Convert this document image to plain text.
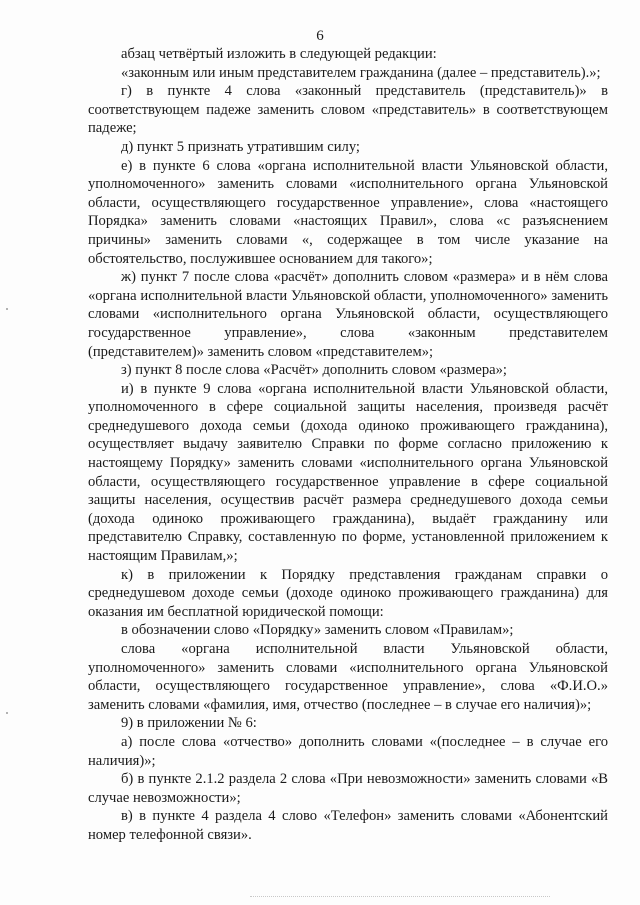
6

абзац четвёртый изложить в следующей редакции:

«законным или иным представителем гражданина (далее – представитель).»;

г) в пункте 4 слова «законный представитель (представитель)» в соответствующем падеже заменить словом «представитель» в соответствующем падеже;

д) пункт 5 признать утратившим силу;

е) в пункте 6 слова «органа исполнительной власти Ульяновской области, уполномоченного» заменить словами «исполнительного органа Ульяновской области, осуществляющего государственное управление», слова «настоящего Порядка» заменить словами «настоящих Правил», слова «с разъяснением причины» заменить словами «, содержащее в том числе указание на обстоятельство, послужившее основанием для такого»;

ж) пункт 7 после слова «расчёт» дополнить словом «размера» и в нём слова «органа исполнительной власти Ульяновской области, уполномоченного» заменить словами «исполнительного органа Ульяновской области, осуществляющего государственное управление», слова «законным представителем (представителем)» заменить словом «представителем»;

з) пункт 8 после слова «Расчёт» дополнить словом «размера»;

и) в пункте 9 слова «органа исполнительной власти Ульяновской области, уполномоченного в сфере социальной защиты населения, произведя расчёт среднедушевого дохода семьи (дохода одиноко проживающего гражданина), осуществляет выдачу заявителю Справки по форме согласно приложению к настоящему Порядку» заменить словами «исполнительного органа Ульяновской области, осуществляющего государственное управление в сфере социальной защиты населения, осуществив расчёт размера среднедушевого дохода семьи (дохода одиноко проживающего гражданина), выдаёт гражданину или представителю Справку, составленную по форме, установленной приложением к настоящим Правилам,»;

к) в приложении к Порядку представления гражданам справки о среднедушевом доходе семьи (доходе одиноко проживающего гражданина) для оказания им бесплатной юридической помощи:

в обозначении слово «Порядку» заменить словом «Правилам»;

слова «органа исполнительной власти Ульяновской области, уполномоченного» заменить словами «исполнительного органа Ульяновской области, осуществляющего государственное управление», слова «Ф.И.О.» заменить словами «фамилия, имя, отчество (последнее – в случае его наличия)»;

9) в приложении № 6:

а) после слова «отчество» дополнить словами «(последнее – в случае его наличия)»;

б) в пункте 2.1.2 раздела 2 слова «При невозможности» заменить словами «В случае невозможности»;

в) в пункте 4 раздела 4 слово «Телефон» заменить словами «Абонентский номер телефонной связи».
